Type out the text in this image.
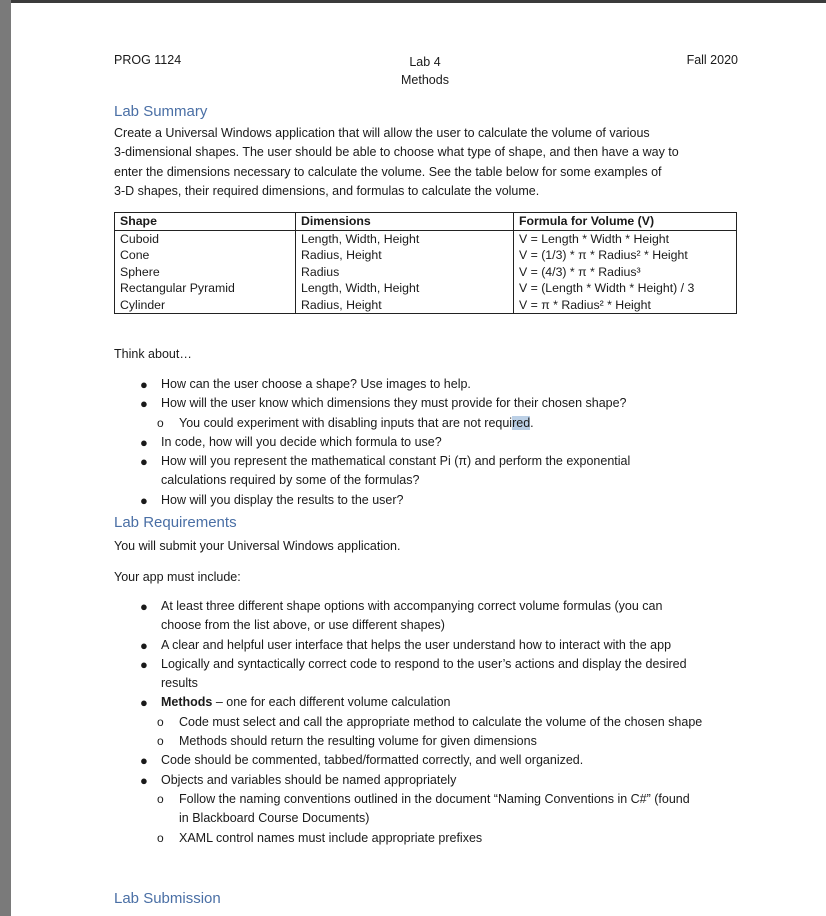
PROG 1124	Lab 4
Methods
Fall 2020
Lab Summary
Create a Universal Windows application that will allow the user to calculate the volume of various
3-dimensional shapes. The user should be able to choose what type of shape, and then have a way to
enter the dimensions necessary to calculate the volume. See the table below for some examples of
3-D shapes, their required dimensions, and formulas to calculate the volume.
Shape	Dimensions	Formula for Volume (V)
Cuboid	Length, Width, Height	V = Length * Width * Height
Cone	Radius, Height	V = (1/3) * π * Radius² * Height
Sphere	Radius	V = (4/3) * π * Radius³
Rectangular Pyramid	Length, Width, Height	V = (Length * Width * Height) / 3
Cylinder	Radius, Height	V = π * Radius² * Height
Think about…
● How can the user choose a shape? Use images to help.
● How will the user know which dimensions they must provide for their chosen shape?
o You could experiment with disabling inputs that are not required.
● In code, how will you decide which formula to use?
● How will you represent the mathematical constant Pi (π) and perform the exponential
calculations required by some of the formulas?
● How will you display the results to the user?
Lab Requirements
You will submit your Universal Windows application.
Your app must include:
● At least three different shape options with accompanying correct volume formulas (you can
choose from the list above, or use different shapes)
● A clear and helpful user interface that helps the user understand how to interact with the app
● Logically and syntactically correct code to respond to the user’s actions and display the desired
results
● Methods – one for each different volume calculation
o Code must select and call the appropriate method to calculate the volume of the chosen shape
o Methods should return the resulting volume for given dimensions
● Code should be commented, tabbed/formatted correctly, and well organized.
● Objects and variables should be named appropriately
o Follow the naming conventions outlined in the document “Naming Conventions in C#” (found
in Blackboard Course Documents)
o XAML control names must include appropriate prefixes
Lab Submission
